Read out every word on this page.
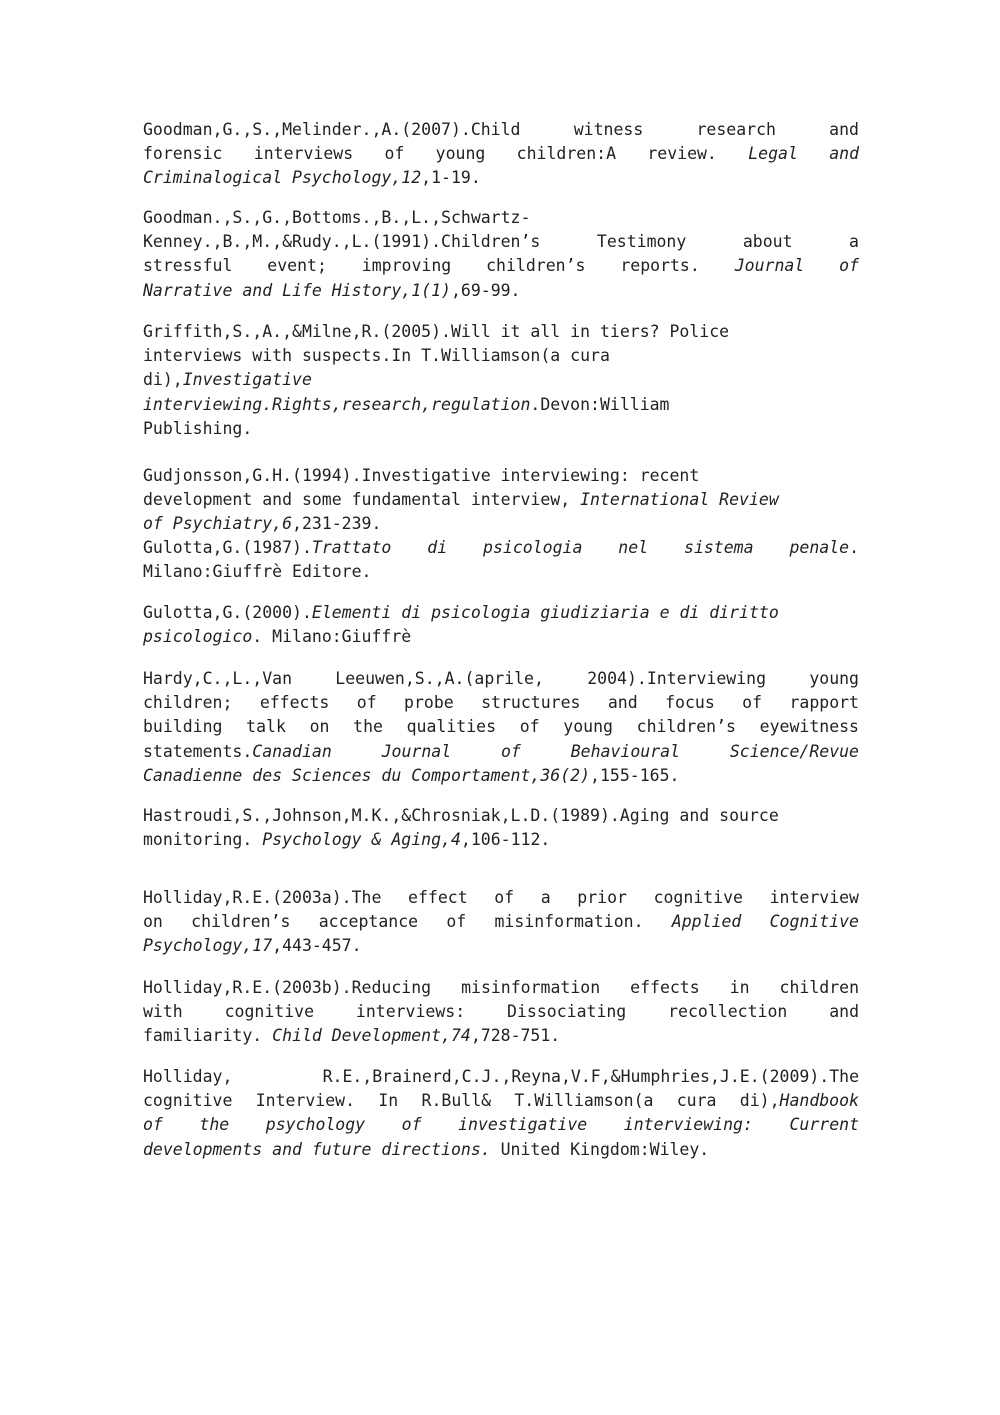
Goodman,G.,S.,Melinder.,A.(2007).Child witness research and
forensic interviews of young children:A review. Legal and
Criminalogical Psychology,12,1-19.
Goodman.,S.,G.,Bottoms.,B.,L.,Schwartz-
Kenney.,B.,M.,&Rudy.,L.(1991).Children’s Testimony about a
stressful event; improving children’s reports. Journal of
Narrative and Life History,1(1),69-99.
Griffith,S.,A.,&Milne,R.(2005).Will it all in tiers? Police
interviews with suspects.In T.Williamson(a cura
di),Investigative
interviewing.Rights,research,regulation.Devon:William
Publishing.
Gudjonsson,G.H.(1994).Investigative interviewing: recent
development and some fundamental interview, International Review
of Psychiatry,6,231-239.
Gulotta,G.(1987).Trattato di psicologia nel sistema penale.
Milano:Giuffrè Editore.
Gulotta,G.(2000).Elementi di psicologia giudiziaria e di diritto
psicologico. Milano:Giuffrè
Hardy,C.,L.,Van Leeuwen,S.,A.(aprile, 2004).Interviewing young
children; effects of probe structures and focus of rapport
building talk on the qualities of young children’s eyewitness
statements.Canadian Journal of Behavioural Science/Revue
Canadienne des Sciences du Comportament,36(2),155-165.
Hastroudi,S.,Johnson,M.K.,&Chrosniak,L.D.(1989).Aging and source
monitoring. Psychology & Aging,4,106-112.
Holliday,R.E.(2003a).The effect of a prior cognitive interview
on children’s acceptance of misinformation. Applied Cognitive
Psychology,17,443-457.
Holliday,R.E.(2003b).Reducing misinformation effects in children
with cognitive interviews: Dissociating recollection and
familiarity. Child Development,74,728-751.
Holliday, R.E.,Brainerd,C.J.,Reyna,V.F,&Humphries,J.E.(2009).The
cognitive Interview. In R.Bull& T.Williamson(a cura di),Handbook
of the psychology of investigative interviewing: Current
developments and future directions. United Kingdom:Wiley.
